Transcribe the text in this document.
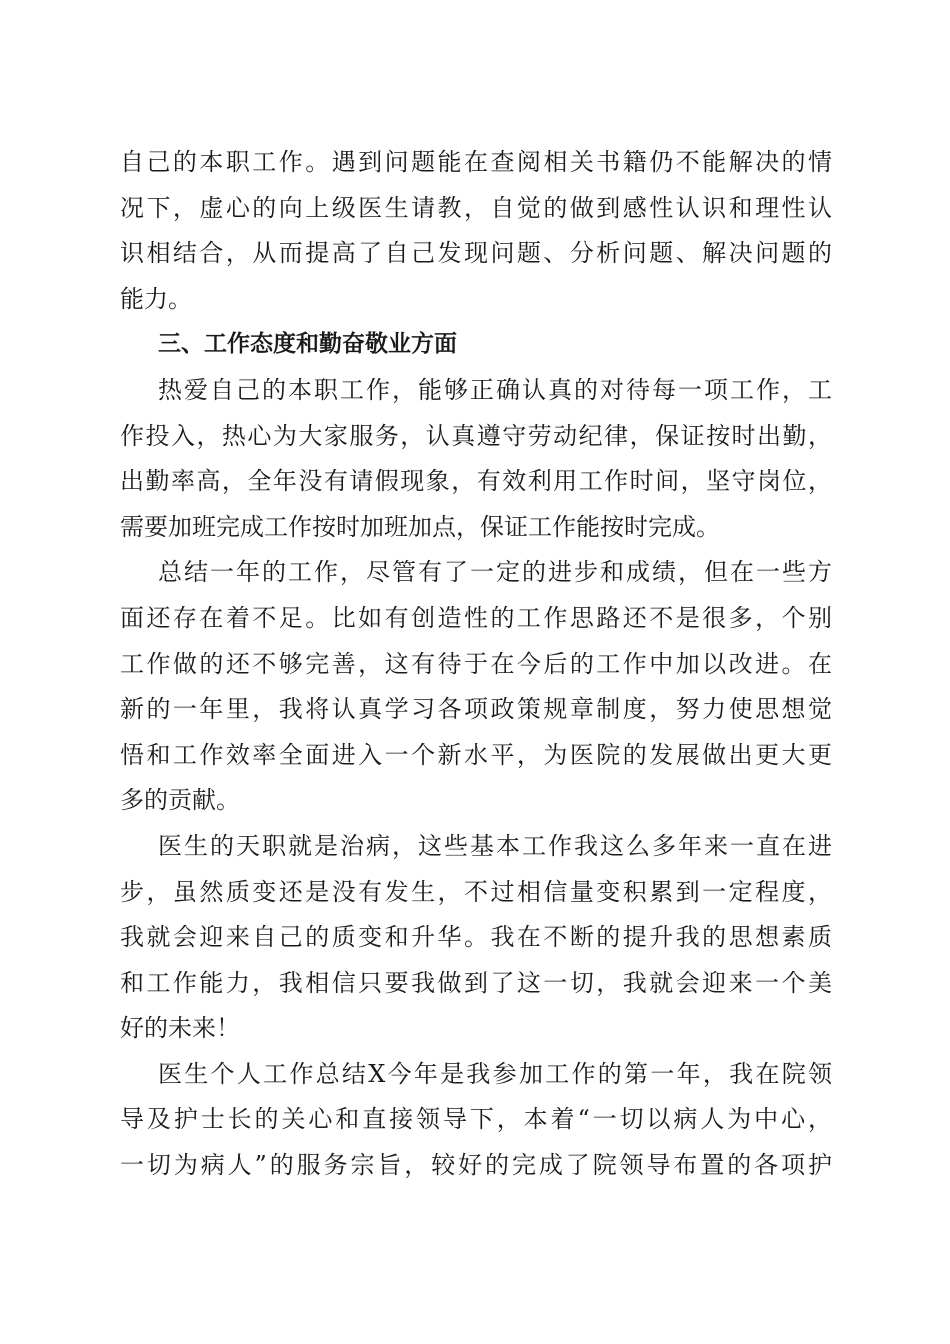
自己的本职工作。遇到问题能在查阅相关书籍仍不能解决的情
况下，虚心的向上级医生请教，自觉的做到感性认识和理性认
识相结合，从而提高了自己发现问题、分析问题、解决问题的
能力。
三、工作态度和勤奋敬业方面
热爱自己的本职工作，能够正确认真的对待每一项工作，工
作投入，热心为大家服务，认真遵守劳动纪律，保证按时出勤，
出勤率高，全年没有请假现象，有效利用工作时间，坚守岗位，
需要加班完成工作按时加班加点，保证工作能按时完成。
总结一年的工作，尽管有了一定的进步和成绩，但在一些方
面还存在着不足。比如有创造性的工作思路还不是很多，个别
工作做的还不够完善，这有待于在今后的工作中加以改进。在
新的一年里，我将认真学习各项政策规章制度，努力使思想觉
悟和工作效率全面进入一个新水平，为医院的发展做出更大更
多的贡献。
医生的天职就是治病，这些基本工作我这么多年来一直在进
步，虽然质变还是没有发生，不过相信量变积累到一定程度，
我就会迎来自己的质变和升华。我在不断的提升我的思想素质
和工作能力，我相信只要我做到了这一切，我就会迎来一个美
好的未来！
医生个人工作总结X今年是我参加工作的第一年，我在院领
导及护士长的关心和直接领导下，本着“一切以病人为中心，
一切为病人”的服务宗旨，较好的完成了院领导布置的各项护
